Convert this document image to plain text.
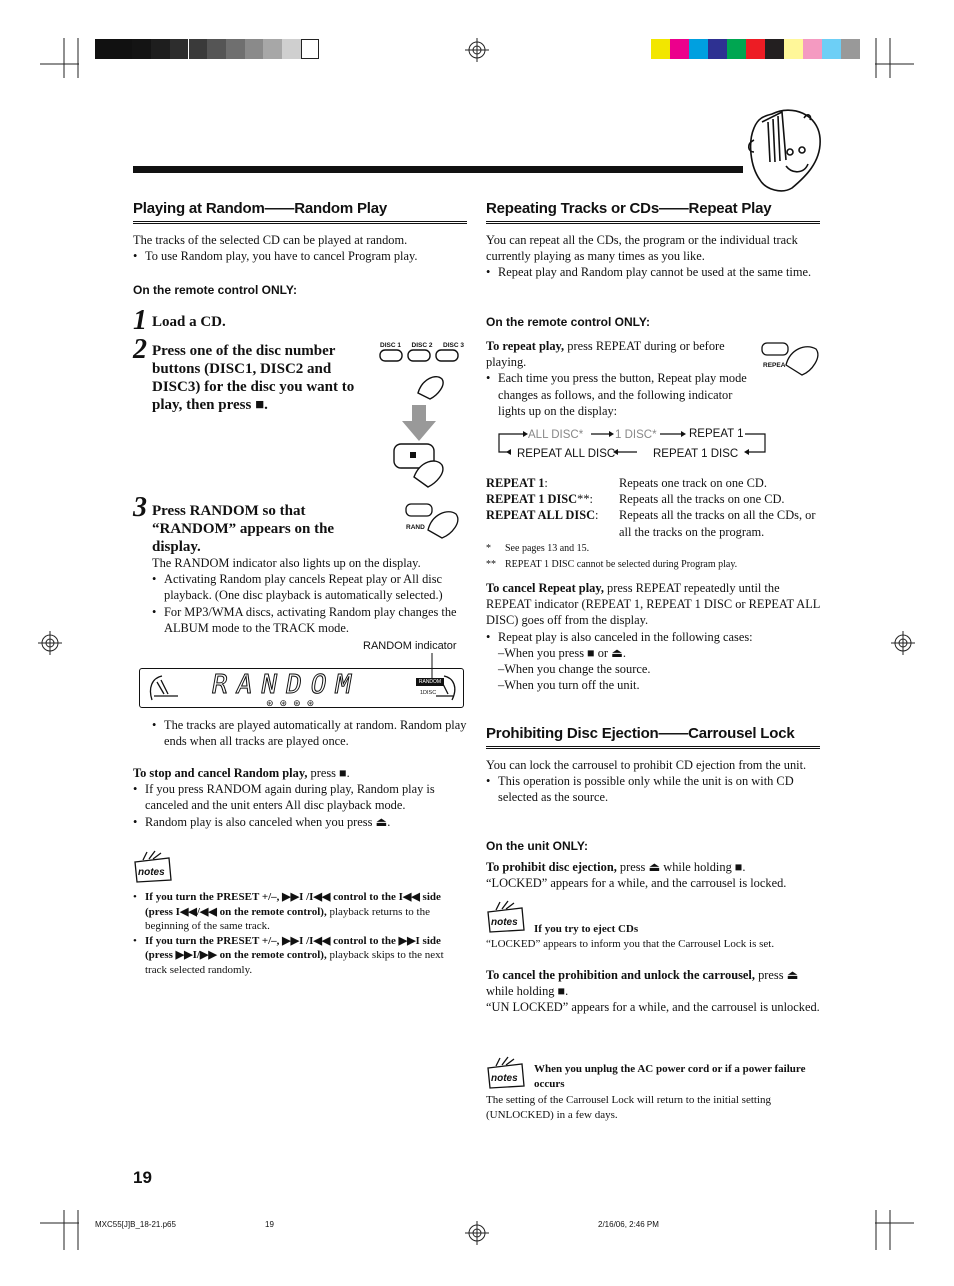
Playing at Random——Random Play

The tracks of the selected CD can be played at random.

• To use Random play, you have to cancel Program play.
On the remote control ONLY:
1 Load a CD.
2 Press one of the disc number buttons (DISC1, DISC2 and DISC3) for the disc you want to play, then press ■.
DISC 1 DISC 2 DISC 3
3 Press RANDOM so that “RANDOM” appears on the display.
RAND

The RANDOM indicator also lights up on the display.

• Activating Random play cancels Repeat play or All disc playback. (One disc playback is automatically selected.)
• For MP3/WMA discs, activating Random play changes the ALBUM mode to the TRACK mode.
RANDOM indicator
RANDOM
⊛⊛⊛⊛
RANDOM
1DISC
• The tracks are played automatically at random. Random play ends when all tracks are played once.

To stop and cancel Random play, press ■.

• If you press RANDOM again during play, Random play is canceled and the unit enters All disc playback mode.
• Random play is also canceled when you press ⏏.
notes
• If you turn the PRESET +/–, ▶▶I /I◀◀ control to the I◀◀ side (press I◀◀/◀◀ on the remote control), playback returns to the beginning of the same track.
• If you turn the PRESET +/–, ▶▶I /I◀◀ control to the ▶▶I side (press ▶▶I/▶▶ on the remote control), playback skips to the next track selected randomly.
19
Repeating Tracks or CDs——Repeat Play

You can repeat all the CDs, the program or the individual track currently playing as many times as you like.

• Repeat play and Random play cannot be used at the same time.
On the remote control ONLY:

To repeat play, press REPEAT during or before playing.

• Each time you press the button, Repeat play mode changes as follows, and the following indicator lights up on the display:
REPEA
ALL DISC*	1 DISC*	REPEAT 1
REPEAT ALL DISC	REPEAT 1 DISC
REPEAT 1:	Repeats one track on one CD.
REPEAT 1 DISC**:	Repeats all the tracks on one CD.
REPEAT ALL DISC:	Repeats all the tracks on all the CDs, or all the tracks on the program.
*	See pages 13 and 15.
** REPEAT 1 DISC cannot be selected during Program play.

To cancel Repeat play, press REPEAT repeatedly until the REPEAT indicator (REPEAT 1, REPEAT 1 DISC or REPEAT ALL DISC) goes off from the display.

• Repeat play is also canceled in the following cases:

–When you press ■ or ⏏.

–When you change the source.

–When you turn off the unit.

Prohibiting Disc Ejection——Carrousel Lock

You can lock the carrousel to prohibit CD ejection from the unit.

• This operation is possible only while the unit is on with CD selected as the source.
On the unit ONLY:

To prohibit disc ejection, press ⏏ while holding ■.

“LOCKED” appears for a while, and the carrousel is locked.

notes
If you try to eject CDs
“LOCKED” appears to inform you that the Carrousel Lock is set.

To cancel the prohibition and unlock the carrousel, press ⏏ while holding ■.

“UN LOCKED” appears for a while, and the carrousel is unlocked.

notes
When you unplug the AC power cord or if a power failure occurs
The setting of the Carrousel Lock will return to the initial setting (UNLOCKED) in a few days.
MXC55[J]B_18-21.p65	19	2/16/06, 2:46 PM
